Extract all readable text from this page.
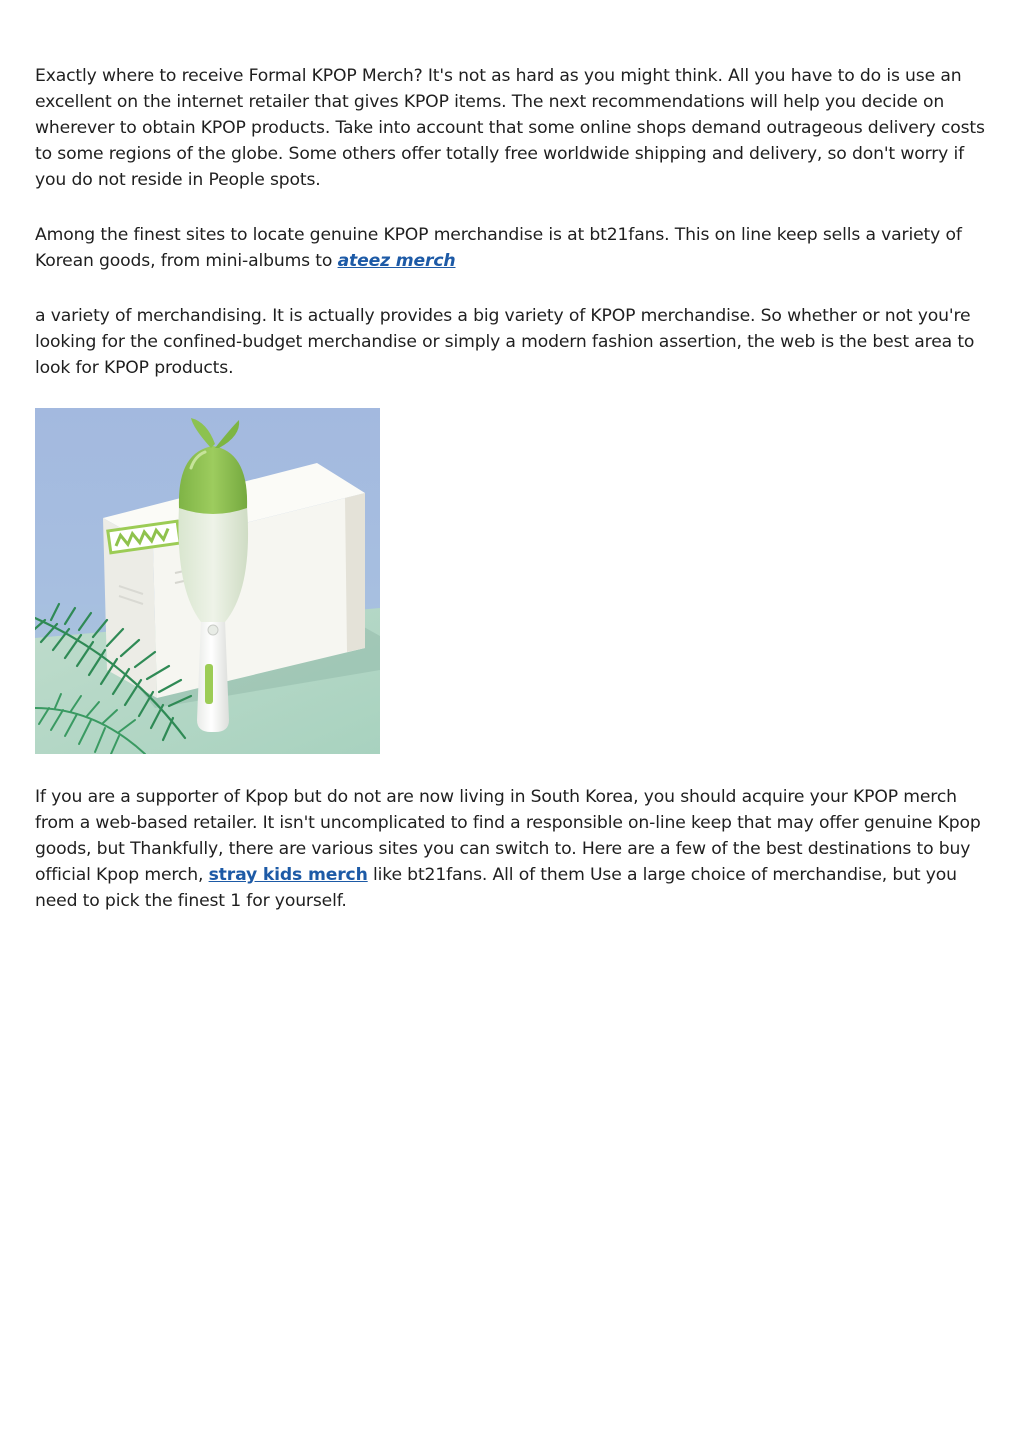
Exactly where to receive Formal KPOP Merch? It's not as hard as you might think. All you have to do is use an excellent on the internet retailer that gives KPOP items. The next recommendations will help you decide on wherever to obtain KPOP products. Take into account that some online shops demand outrageous delivery costs to some regions of the globe. Some others offer totally free worldwide shipping and delivery, so don't worry if you do not reside in People spots.

Among the finest sites to locate genuine KPOP merchandise is at bt21fans. This on line keep sells a variety of Korean goods, from mini-albums to ateez merch

a variety of merchandising. It is actually provides a big variety of KPOP merchandise. So whether or not you're looking for the confined-budget merchandise or simply a modern fashion assertion, the web is the best area to look for KPOP products.

If you are a supporter of Kpop but do not are now living in South Korea, you should acquire your KPOP merch from a web-based retailer. It isn't uncomplicated to find a responsible on-line keep that may offer genuine Kpop goods, but Thankfully, there are various sites you can switch to. Here are a few of the best destinations to buy official Kpop merch, stray kids merch like bt21fans. All of them Use a large choice of merchandise, but you need to pick the finest 1 for yourself.
